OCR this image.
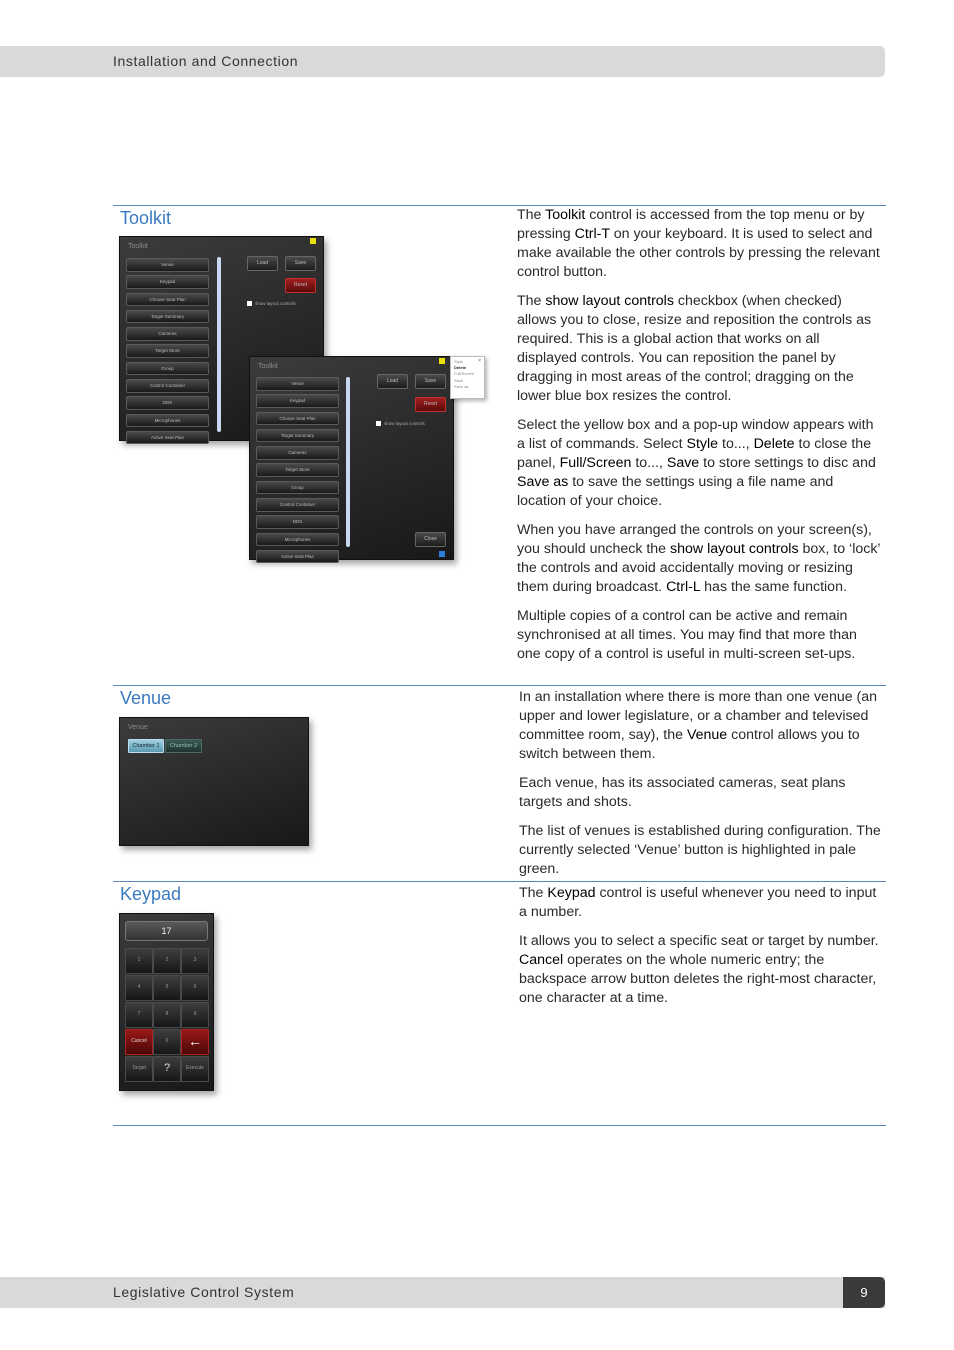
Installation and Connection
Legislative Control System	9
Toolkit	The Toolkit control is accessed from the top menu or by pressing Ctrl-T on your keyboard. It is used to select and make available the other controls by pressing the relevant control button.

The show layout controls checkbox (when checked) allows you to close, resize and reposition the controls as required. This is a global action that works on all displayed controls. You can reposition the panel by dragging in most areas of the control; dragging on the lower blue box resizes the control.

Select the yellow box and a pop-up window appears with a list of commands. Select Style to..., Delete to close the panel, Full/Screen to..., Save to store settings to disc and Save as to save the settings using a file name and location of your choice.

When you have arranged the controls on your screen(s), you should uncheck the show layout controls box, to ‘lock’ the controls and avoid accidentally moving or resizing them during broadcast. Ctrl-L has the same function.

Multiple copies of a control can be active and remain synchronised at all times. You may find that more than one copy of a control is useful in multi-screen set-ups.

Toolkit
Venue
Keypad
Choose Seat Plan
Target Summary
Cameras
Target Store
Group
Control Container
DDS
Microphones
Active Seat Plan
Load	Save
Reset
show layout controls
Toolkit
Venue
Keypad
Choose Seat Plan
Target Summary
Cameras
Target Store
Group
Control Container
DDS
Microphones
Active Seat Plan
Load	Save
Reset
show layout controls
Close
×
Style
Delete
Full/Screen
Save
Save as
Venue	In an installation where there is more than one venue (an upper and lower legislature, or a chamber and televised committee room, say), the Venue control allows you to switch between them.

Each venue, has its associated cameras, seat plans targets and shots.

The list of venues is established during configuration. The currently selected ‘Venue’ button is highlighted in pale green.

Venue
Chamber 1	Chamber 2
Keypad	The Keypad control is useful whenever you need to input a number.

It allows you to select a specific seat or target by number. Cancel operates on the whole numeric entry; the backspace arrow button deletes the right-most character, one character at a time.

17
1	2	3
4	5	6
7	8	9
Cancel	0	←
Target	?	Execute
